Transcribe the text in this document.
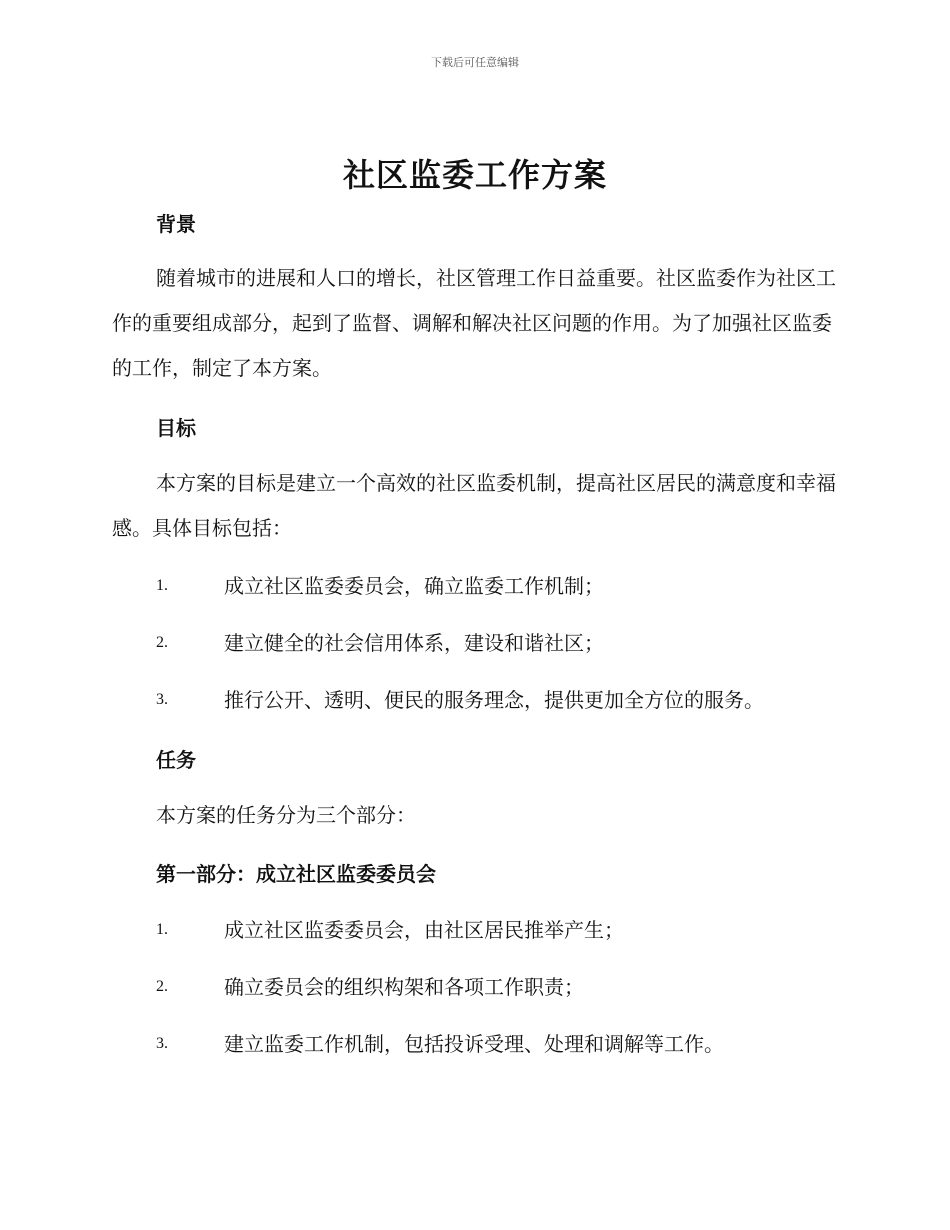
下载后可任意编辑
社区监委工作方案
背景

随着城市的进展和人口的增长，社区管理工作日益重要。社区监委作为社区工作的重要组成部分，起到了监督、调解和解决社区问题的作用。为了加强社区监委的工作，制定了本方案。

目标

本方案的目标是建立一个高效的社区监委机制，提高社区居民的满意度和幸福感。具体目标包括：

1.	成立社区监委委员会，确立监委工作机制；
2.	建立健全的社会信用体系，建设和谐社区；
3.	推行公开、透明、便民的服务理念，提供更加全方位的服务。
任务

本方案的任务分为三个部分：

第一部分：成立社区监委委员会
1.	成立社区监委委员会，由社区居民推举产生；
2.	确立委员会的组织构架和各项工作职责；
3.	建立监委工作机制，包括投诉受理、处理和调解等工作。
